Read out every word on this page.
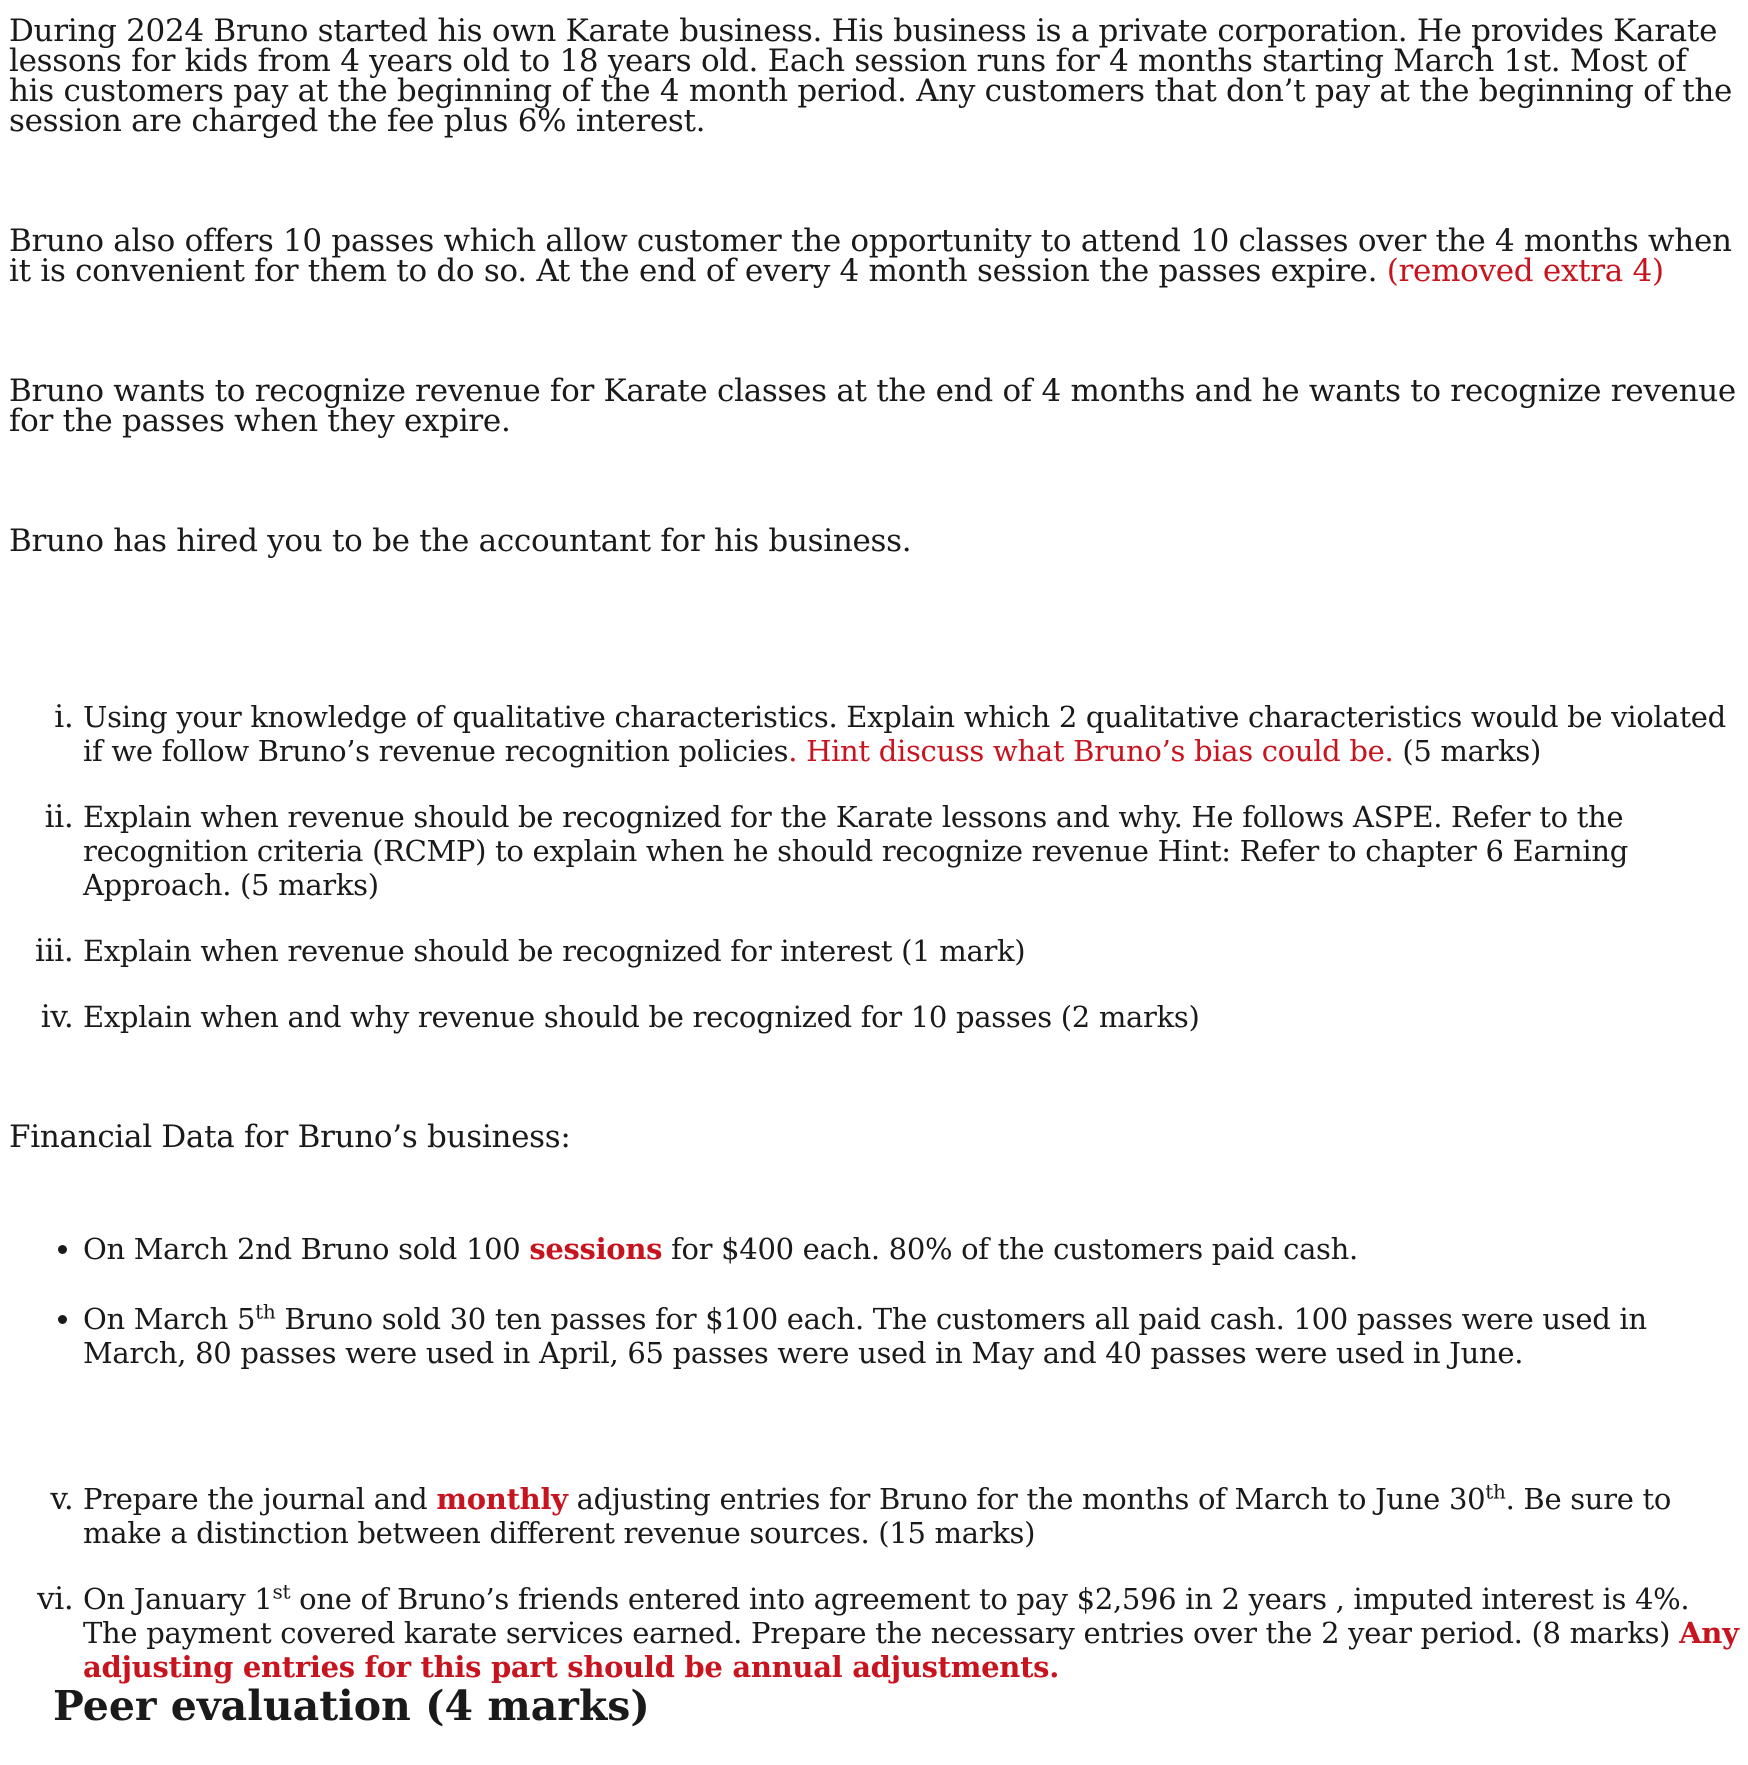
During 2024 Bruno started his own Karate business. His business is a private corporation. He provides Karate lessons for kids from 4 years old to 18 years old. Each session runs for 4 months starting March 1st. Most of his customers pay at the beginning of the 4 month period. Any customers that don’t pay at the beginning of the session are charged the fee plus 6% interest.

Bruno also offers 10 passes which allow customer the opportunity to attend 10 classes over the 4 months when it is convenient for them to do so. At the end of every 4 month session the passes expire. (removed extra 4)

Bruno wants to recognize revenue for Karate classes at the end of 4 months and he wants to recognize revenue for the passes when they expire.

Bruno has hired you to be the accountant for his business.

i. Using your knowledge of qualitative characteristics. Explain which 2 qualitative characteristics would be violated if we follow Bruno’s revenue recognition policies. Hint discuss what Bruno’s bias could be. (5 marks)
ii. Explain when revenue should be recognized for the Karate lessons and why. He follows ASPE. Refer to the recognition criteria (RCMP) to explain when he should recognize revenue Hint: Refer to chapter 6 Earning Approach. (5 marks)
iii. Explain when revenue should be recognized for interest (1 mark)
iv. Explain when and why revenue should be recognized for 10 passes (2 marks)

Financial Data for Bruno’s business:

• On March 2nd Bruno sold 100 sessions for $400 each. 80% of the customers paid cash.
• On March 5th Bruno sold 30 ten passes for $100 each. The customers all paid cash. 100 passes were used in March, 80 passes were used in April, 65 passes were used in May and 40 passes were used in June.
v. Prepare the journal and monthly adjusting entries for Bruno for the months of March to June 30th. Be sure to make a distinction between different revenue sources. (15 marks)
vi. On January 1st one of Bruno’s friends entered into agreement to pay $2,596 in 2 years , imputed interest is 4%. The payment covered karate services earned. Prepare the necessary entries over the 2 year period. (8 marks) Any adjusting entries for this part should be annual adjustments.
Peer evaluation (4 marks)
